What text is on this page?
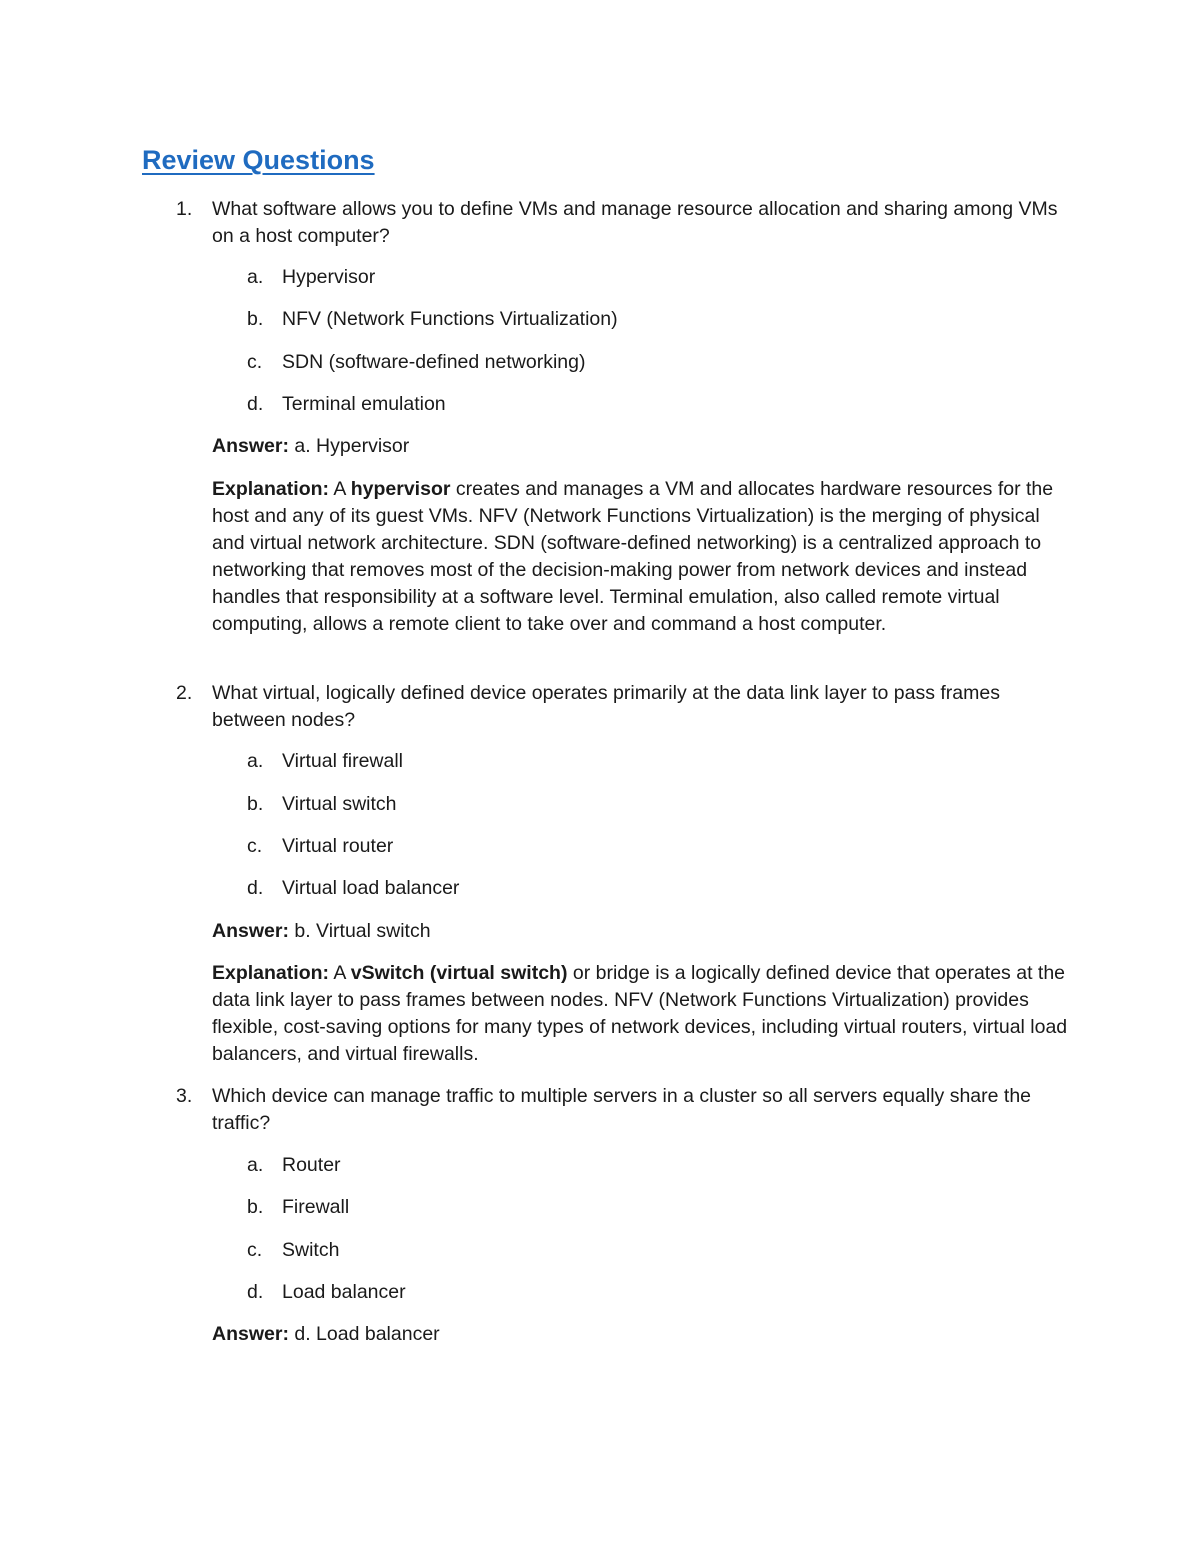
Review Questions
1. What software allows you to define VMs and manage resource allocation and sharing among VMs on a host computer?

a. Hypervisor
b. NFV (Network Functions Virtualization)
c. SDN (software-defined networking)
d. Terminal emulation

Answer: a. Hypervisor

Explanation: A hypervisor creates and manages a VM and allocates hardware resources for the host and any of its guest VMs. NFV (Network Functions Virtualization) is the merging of physical and virtual network architecture. SDN (software-defined networking) is a centralized approach to networking that removes most of the decision-making power from network devices and instead handles that responsibility at a software level. Terminal emulation, also called remote virtual computing, allows a remote client to take over and command a host computer.

2. What virtual, logically defined device operates primarily at the data link layer to pass frames between nodes?

a. Virtual firewall
b. Virtual switch
c. Virtual router
d. Virtual load balancer

Answer: b. Virtual switch

Explanation: A vSwitch (virtual switch) or bridge is a logically defined device that operates at the data link layer to pass frames between nodes. NFV (Network Functions Virtualization) provides flexible, cost-saving options for many types of network devices, including virtual routers, virtual load balancers, and virtual firewalls.

3. Which device can manage traffic to multiple servers in a cluster so all servers equally share the traffic?

a. Router
b. Firewall
c. Switch
d. Load balancer

Answer: d. Load balancer
